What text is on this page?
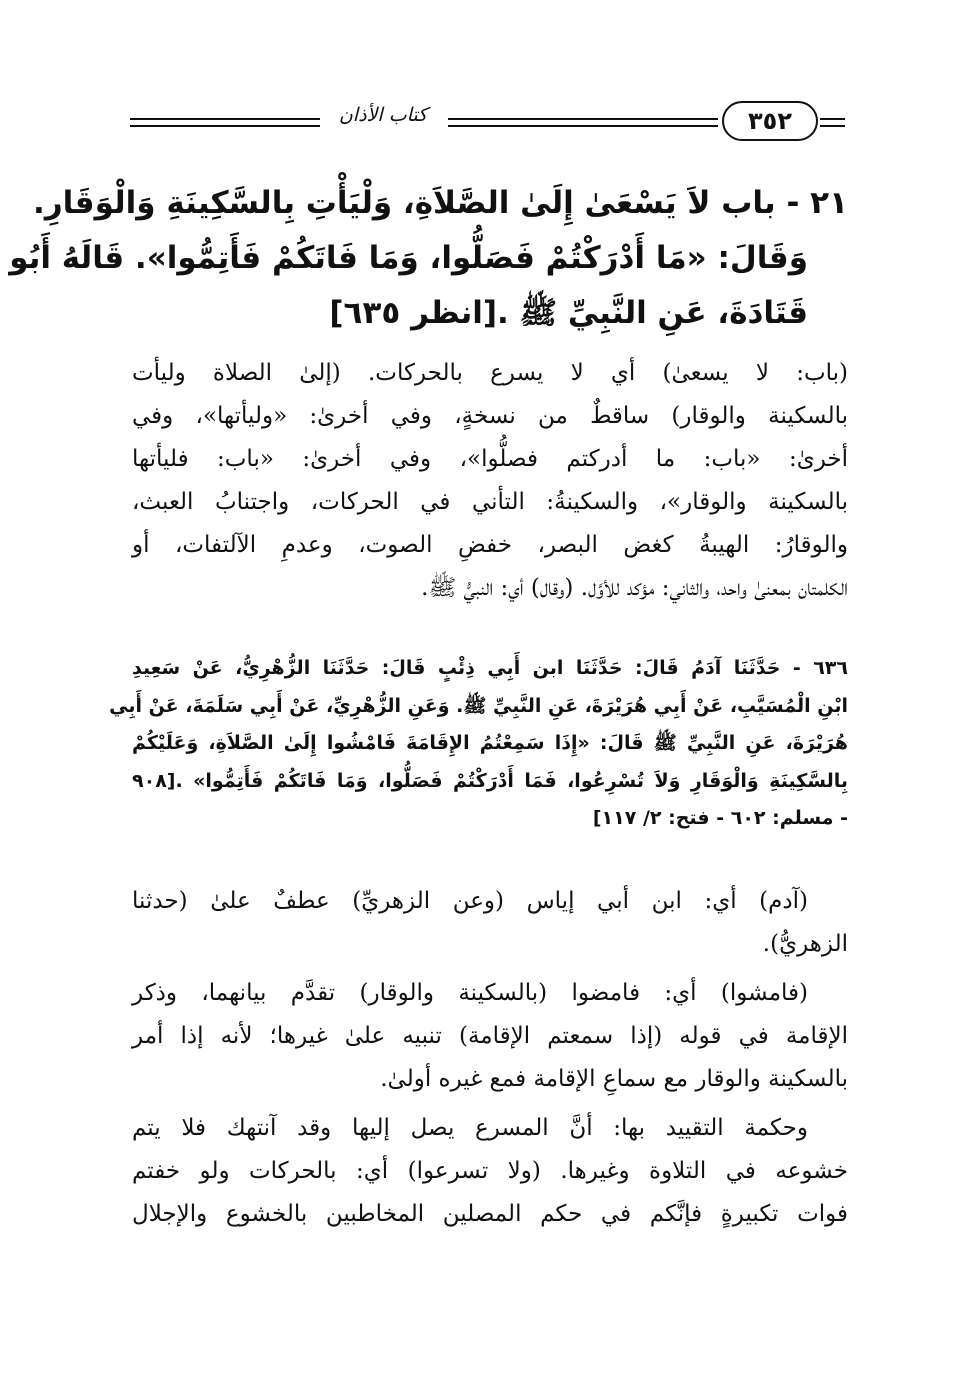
كتاب الأذان	٣٥٢
٢١ - باب لاَ يَسْعَىٰ إِلَىٰ الصَّلاَةِ، وَلْيَأْتِ بِالسَّكِينَةِ وَالْوَقَارِ.
وَقَالَ: «مَا أَدْرَكْتُمْ فَصَلُّوا، وَمَا فَاتَكُمْ فَأَتِمُّوا». قَالَهُ أَبُو
قَتَادَةَ، عَنِ النَّبِيِّ ﷺ .[انظر ٦٣٥]
(باب: لا يسعىٰ) أي لا يسرع بالحركات. (إلىٰ الصلاة وليأت
بالسكينة والوقار) ساقطٌ من نسخةٍ، وفي أخرىٰ: «وليأتها»، وفي
أخرىٰ: «باب: ما أدركتم فصلُّوا»، وفي أخرىٰ: «باب: فليأتها
بالسكينة والوقار»، والسكينةُ: التأني في الحركات، واجتنابُ العبث،
والوقارُ: الهيبةُ كغض البصر، خفضِ الصوت، وعدمِ الآلتفات، أو
الكلمتان بمعنىٰ واحد، والثاني: مؤكد للأوَّل. (وقال) أي: النبيُّ ﷺ.
٦٣٦ - حَدَّثَنَا آدَمُ قَالَ: حَدَّثَنَا ابن أَبِي ذِئْبٍ قَالَ: حَدَّثَنَا الزُّهْرِيُّ، عَنْ سَعِيدِ
ابْنِ الْمُسَيَّبِ، عَنْ أَبِي هُرَيْرَةَ، عَنِ النَّبِيِّ ﷺ. وَعَنِ الزُّهْرِيِّ، عَنْ أَبِي سَلَمَةَ، عَنْ أَبِي
هُرَيْرَةَ، عَنِ النَّبِيِّ ﷺ قَالَ: «إِذَا سَمِعْتُمُ الإِقَامَةَ فَامْشُوا إِلَىٰ الصَّلاَةِ، وَعَلَيْكُمْ
بِالسَّكِينَةِ وَالْوَقَارِ وَلاَ تُسْرِعُوا، فَمَا أَدْرَكْتُمْ فَصَلُّوا، وَمَا فَاتَكُمْ فَأَتِمُّوا» .[٩٠٨
- مسلم: ٦٠٢ - فتح: ٢/ ١١٧]
(آدم) أي: ابن أبي إياس (وعن الزهريِّ) عطفٌ علىٰ (حدثنا
الزهريُّ).
(فامشوا) أي: فامضوا (بالسكينة والوقار) تقدَّم بيانهما، وذكر
الإقامة في قوله (إذا سمعتم الإقامة) تنبيه علىٰ غيرها؛ لأنه إذا أمر
بالسكينة والوقار مع سماعِ الإقامة فمع غيره أولىٰ.
وحكمة التقييد بها: أنَّ المسرع يصل إليها وقد آنتهك فلا يتم
خشوعه في التلاوة وغيرها. (ولا تسرعوا) أي: بالحركات ولو خفتم
فوات تكبيرةٍ فإنَّكم في حكم المصلين المخاطبين بالخشوع والإجلال
